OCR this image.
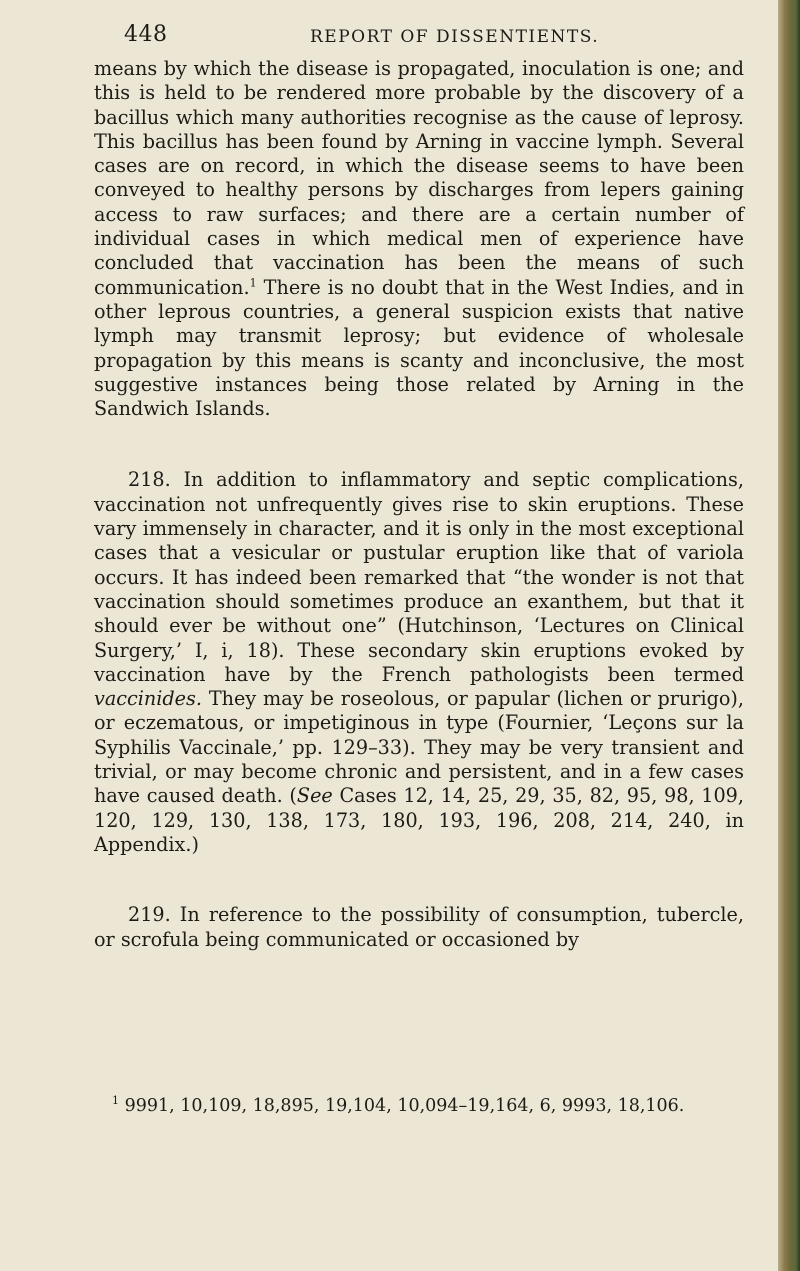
448	REPORT OF DISSENTIENTS.

means by which the disease is propagated, inoculation is one; and this is held to be rendered more probable by the discovery of a bacillus which many authorities recognise as the cause of leprosy. This bacillus has been found by Arning in vaccine lymph. Several cases are on record, in which the disease seems to have been conveyed to healthy persons by discharges from lepers gaining access to raw surfaces; and there are a certain number of individual cases in which medical men of experience have concluded that vaccination has been the means of such communication.$^1$ There is no doubt that in the West Indies, and in other leprous countries, a general suspicion exists that native lymph may transmit leprosy; but evidence of wholesale propagation by this means is scanty and inconclusive, the most suggestive instances being those related by Arning in the Sandwich Islands.

218. In addition to inflammatory and septic complications, vaccination not unfrequently gives rise to skin eruptions. These vary immensely in character, and it is only in the most exceptional cases that a vesicular or pustular eruption like that of variola occurs. It has indeed been remarked that “the wonder is not that vaccination should sometimes produce an exanthem, but that it should ever be without one” (Hutchinson, ‘Lectures on Clinical Surgery,’ I, i, 18). These secondary skin eruptions evoked by vaccination have by the French pathologists been termed vaccinides. They may be roseolous, or papular (lichen or prurigo), or eczematous, or impetiginous in type (Fournier, ‘Leçons sur la Syphilis Vaccinale,’ pp. 129–33). They may be very transient and trivial, or may become chronic and persistent, and in a few cases have caused death. (See Cases 12, 14, 25, 29, 35, 82, 95, 98, 109, 120, 129, 130, 138, 173, 180, 193, 196, 208, 214, 240, in Appendix.)

219. In reference to the possibility of consumption, tubercle, or scrofula being communicated or occasioned by

$^1$ 9991, 10,109, 18,895, 19,104, 10,094–19,164, 6, 9993, 18,106.
